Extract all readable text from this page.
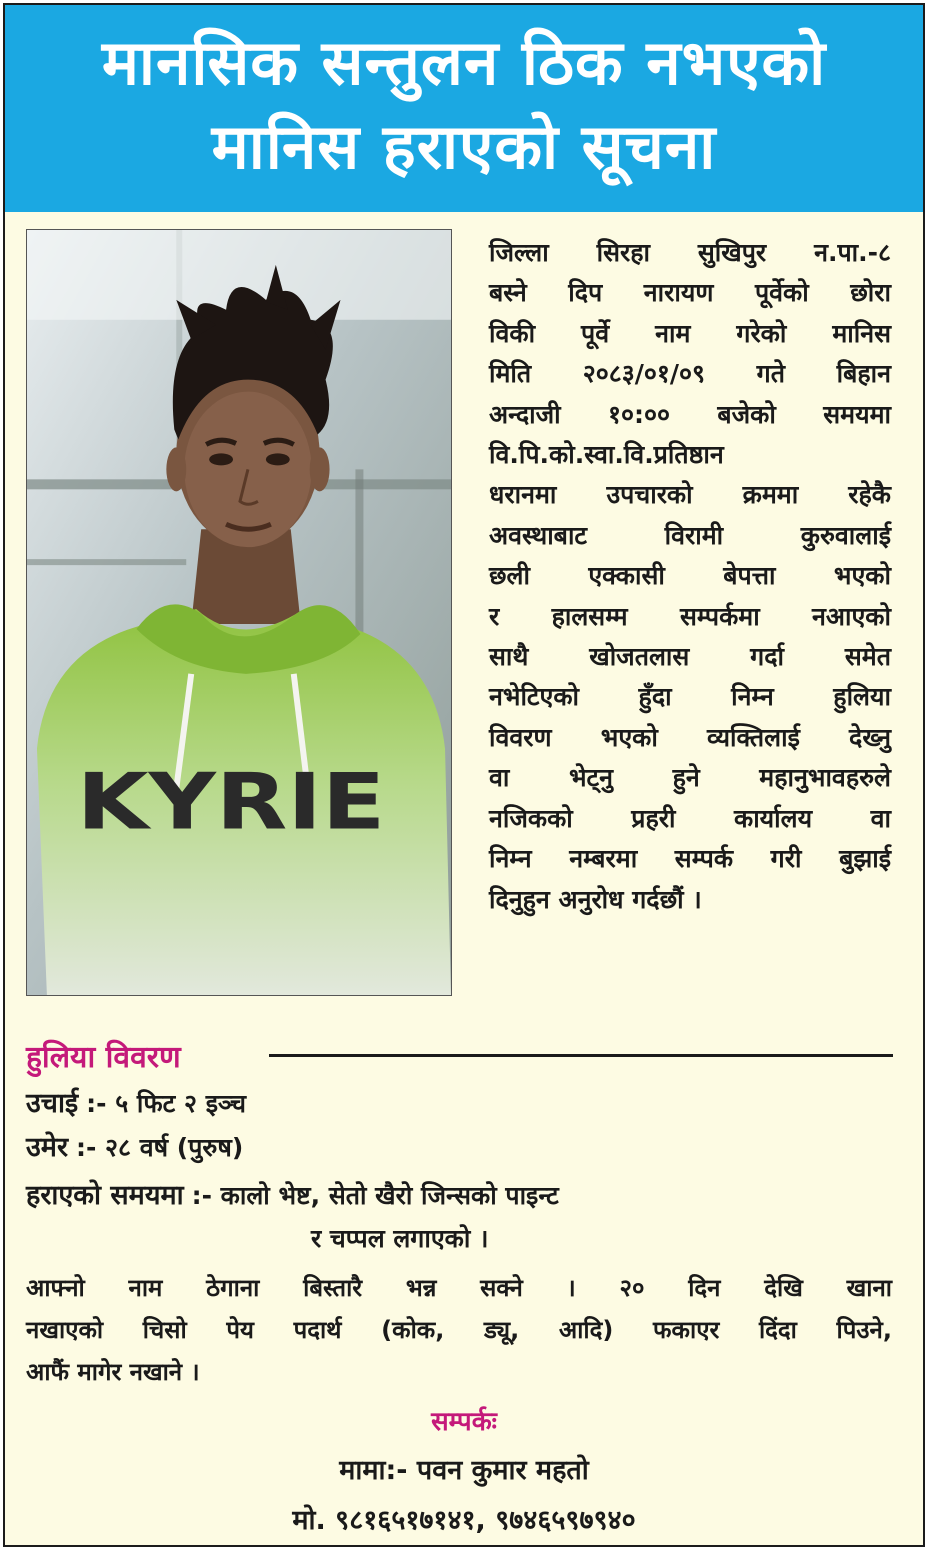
मानसिक सन्तुलन ठिक नभएको
मानिस हराएको सूचना
KYRIE
जिल्ला सिरहा सुखिपुर न.पा.-८
बस्ने दिप नारायण पूर्वेको छोरा
विकी पूर्वे नाम गरेको मानिस
मिति २०८३/०१/०९ गते बिहान
अन्दाजी १०:०० बजेको समयमा
वि.पि.को.स्वा.वि.प्रतिष्ठान
धरानमा उपचारको क्रममा रहेकै
अवस्थाबाट विरामी कुरुवालाई
छली एक्कासी बेपत्ता भएको
र हालसम्म सम्पर्कमा नआएको
साथै खोजतलास गर्दा समेत
नभेटिएको हुँदा निम्न हुलिया
विवरण भएको व्यक्तिलाई देख्नु
वा भेट्नु हुने महानुभावहरुले
नजिकको प्रहरी कार्यालय वा
निम्न नम्बरमा सम्पर्क गरी बुझाई
दिनुहुन अनुरोध गर्दछौं ।
हुलिया विवरण
उचाई :- ५ फिट २ इञ्च
उमेर :- २८ वर्ष (पुरुष)
हराएको समयमा :- कालो भेष्ट, सेतो खैरो जिन्सको पाइन्ट
र चप्पल लगाएको ।
आफ्नो नाम ठेगाना बिस्तारै भन्न सक्ने । २० दिन देखि खाना
नखाएको चिसो पेय पदार्थ (कोक, ड्यू, आदि) फकाएर दिंदा पिउने,
आफैं मागेर नखाने ।
सम्पर्कः
मामा:- पवन कुमार महतो
मो. ९८१६५१७१४१, ९७४६५९७९४०
